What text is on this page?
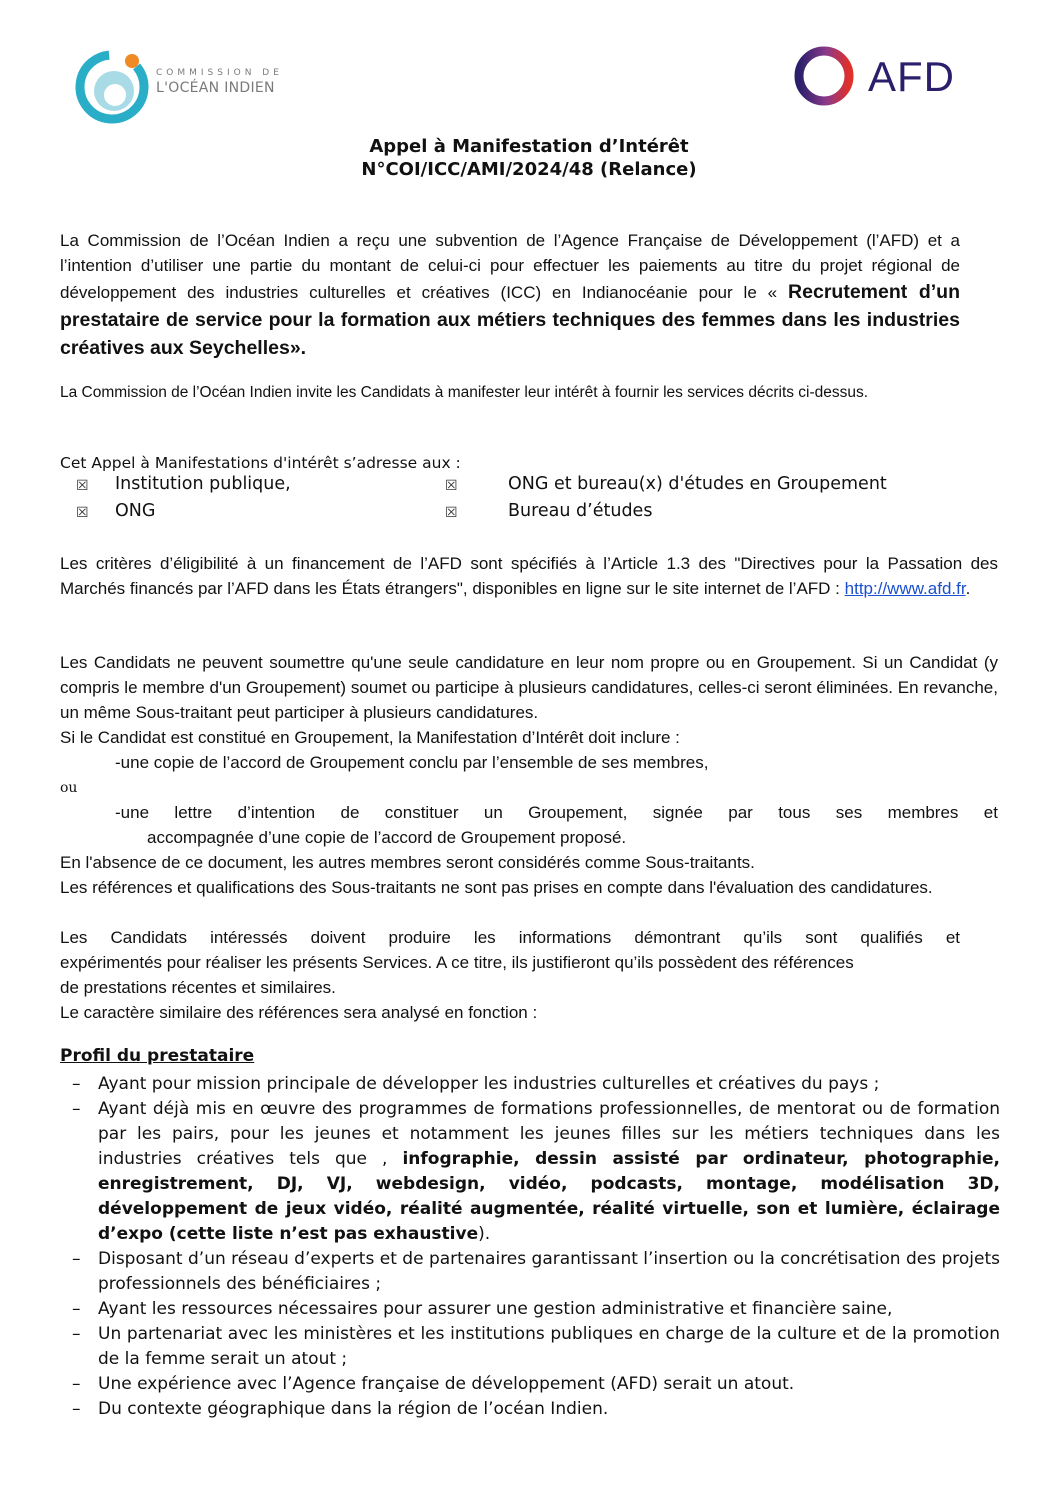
COMMISSION DE
L'OCÉAN INDIEN	AFD
Appel à Manifestation d’Intérêt
N°COI/ICC/AMI/2024/48 (Relance)
La Commission de l’Océan Indien a reçu une subvention de l’Agence Française de Développement (l’AFD) et a l’intention d’utiliser une partie du montant de celui-ci pour effectuer les paiements au titre du projet régional de développement des industries culturelles et créatives (ICC) en Indianocéanie pour le « Recrutement d’un prestataire de service pour la formation aux métiers techniques des femmes dans les industries créatives aux Seychelles».
La Commission de l’Océan Indien invite les Candidats à manifester leur intérêt à fournir les services décrits ci-dessus.
Cet Appel à Manifestations d'intérêt s’adresse aux :
☒ Institution publique,	☒	ONG et bureau(x) d'études en Groupement
☒ ONG	☒	Bureau d’études
Les critères d’éligibilité à un financement de l’AFD sont spécifiés à l’Article 1.3 des "Directives pour la Passation des Marchés financés par l’AFD dans les États étrangers", disponibles en ligne sur le site internet de l’AFD : http://www.afd.fr.
Les Candidats ne peuvent soumettre qu'une seule candidature en leur nom propre ou en Groupement. Si un Candidat (y compris le membre d'un Groupement) soumet ou participe à plusieurs candidatures, celles-ci seront éliminées. En revanche, un même Sous-traitant peut participer à plusieurs candidatures.
Si le Candidat est constitué en Groupement, la Manifestation d’Intérêt doit inclure :
-une copie de l’accord de Groupement conclu par l’ensemble de ses membres,
ou
-une lettre d’intention de constituer un Groupement, signée par tous ses membres et
accompagnée d’une copie de l’accord de Groupement proposé.
En l'absence de ce document, les autres membres seront considérés comme Sous-traitants.
Les références et qualifications des Sous-traitants ne sont pas prises en compte dans l'évaluation des candidatures.
Les Candidats intéressés doivent produire les informations démontrant qu’ils sont qualifiés et
expérimentés pour réaliser les présents Services. A ce titre, ils justifieront qu’ils possèdent des références
de prestations récentes et similaires.
Le caractère similaire des références sera analysé en fonction :
Profil du prestataire
– Ayant pour mission principale de développer les industries culturelles et créatives du pays ;
– Ayant déjà mis en œuvre des programmes de formations professionnelles, de mentorat ou de formation par les pairs, pour les jeunes et notamment les jeunes filles sur les métiers techniques dans les industries créatives tels que , infographie, dessin assisté par ordinateur, photographie, enregistrement, DJ, VJ, webdesign, vidéo, podcasts, montage, modélisation 3D, développement de jeux vidéo, réalité augmentée, réalité virtuelle, son et lumière, éclairage d’expo (cette liste n’est pas exhaustive).
– Disposant d’un réseau d’experts et de partenaires garantissant l’insertion ou la concrétisation des projets professionnels des bénéficiaires ;
– Ayant les ressources nécessaires pour assurer une gestion administrative et financière saine,
– Un partenariat avec les ministères et les institutions publiques en charge de la culture et de la promotion de la femme serait un atout ;
– Une expérience avec l’Agence française de développement (AFD) serait un atout.
– Du contexte géographique dans la région de l’océan Indien.
